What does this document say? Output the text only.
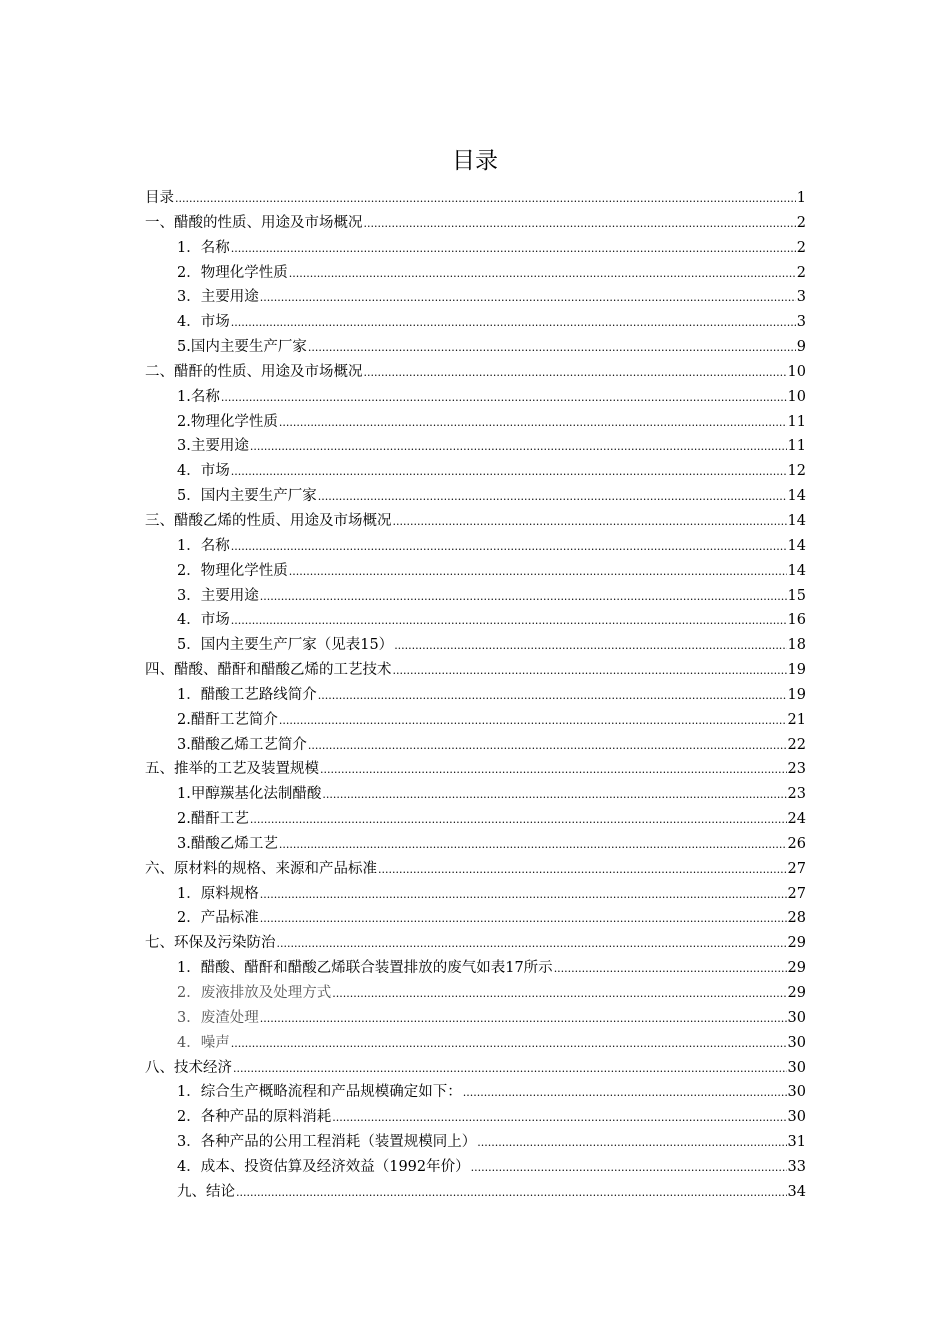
目录
目录 .....	1
一、醋酸的性质、用途及市场概况 .....	2
1．名称 .....	2
2．物理化学性质 .....	2
3．主要用途 .....	3
4．市场 .....	3
5.国内主要生产厂家 .....	9
二、醋酐的性质、用途及市场概况 .....	10
1.名称 .....	10
2.物理化学性质 .....	11
3.主要用途 .....	11
4．市场 .....	12
5．国内主要生产厂家 .....	14
三、醋酸乙烯的性质、用途及市场概况 .....	14
1．名称 .....	14
2．物理化学性质 .....	14
3．主要用途 .....	15
4．市场 .....	16
5．国内主要生产厂家（见表15） .....	18
四、醋酸、醋酐和醋酸乙烯的工艺技术 .....	19
1．醋酸工艺路线简介 .....	19
2.醋酐工艺简介 .....	21
3.醋酸乙烯工艺简介 .....	22
五、推举的工艺及装置规模 .....	23
1.甲醇羰基化法制醋酸 .....	23
2.醋酐工艺 .....	24
3.醋酸乙烯工艺 .....	26
六、原材料的规格、来源和产品标准 .....	27
1．原料规格 .....	27
2．产品标准 .....	28
七、环保及污染防治 .....	29
1．醋酸、醋酐和醋酸乙烯联合装置排放的废气如表17所示 .....	29
2．废液排放及处理方式 .....	29
3．废渣处理 .....	30
4．噪声 .....	30
八、技术经济 .....	30
1．综合生产概略流程和产品规模确定如下： .....	30
2．各种产品的原料消耗 .....	30
3．各种产品的公用工程消耗（装置规模同上） .....	31
4．成本、投资估算及经济效益（1992年价） .....	33
九、结论 .....	34
